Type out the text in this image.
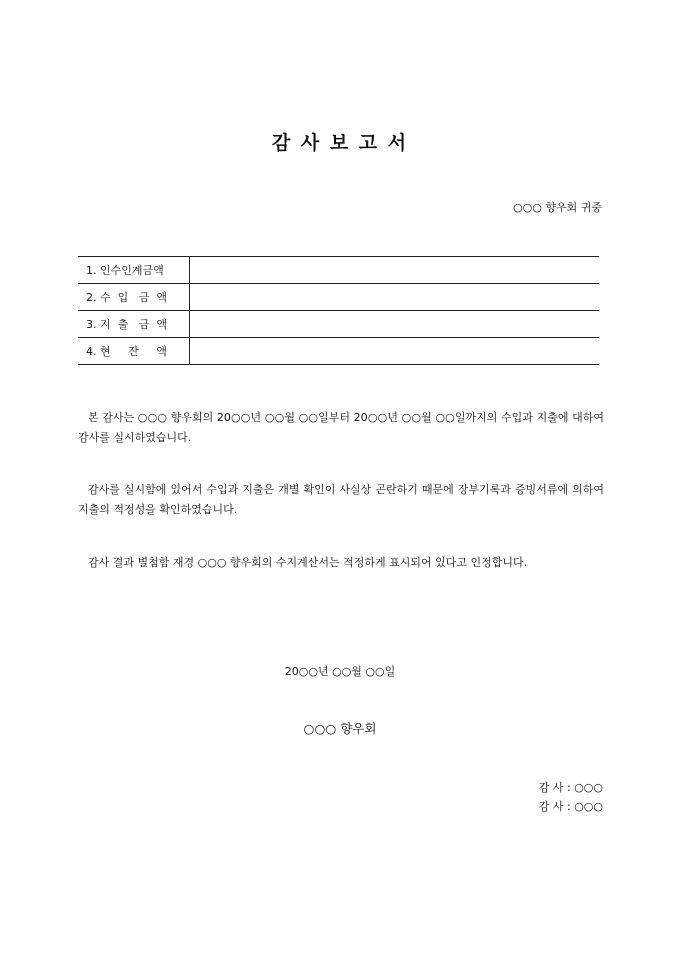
감 사 보 고 서
○○○ 향우회 귀중
1. 인수인계금액	
2. 수  입   금  액	
3. 지  출   금  액	
4. 현     잔     액	

본 감사는 ○○○ 향우회의 20○○년 ○○월 ○○일부터 20○○년 ○○월 ○○일까지의 수입과 지출에 대하여 감사를 실시하였습니다.

감사를 실시함에 있어서 수입과 지출은 개별 확인이 사실상 곤란하기 때문에 장부기록과 증빙서류에 의하여 지출의 적정성을 확인하였습니다.

감사 결과 별첨함 재경 ○○○ 향우회의 수지계산서는 적정하게 표시되어 있다고 인정합니다.

20○○년 ○○월 ○○일
○○○ 향우회
감 사 : ○○○
감 사 : ○○○
